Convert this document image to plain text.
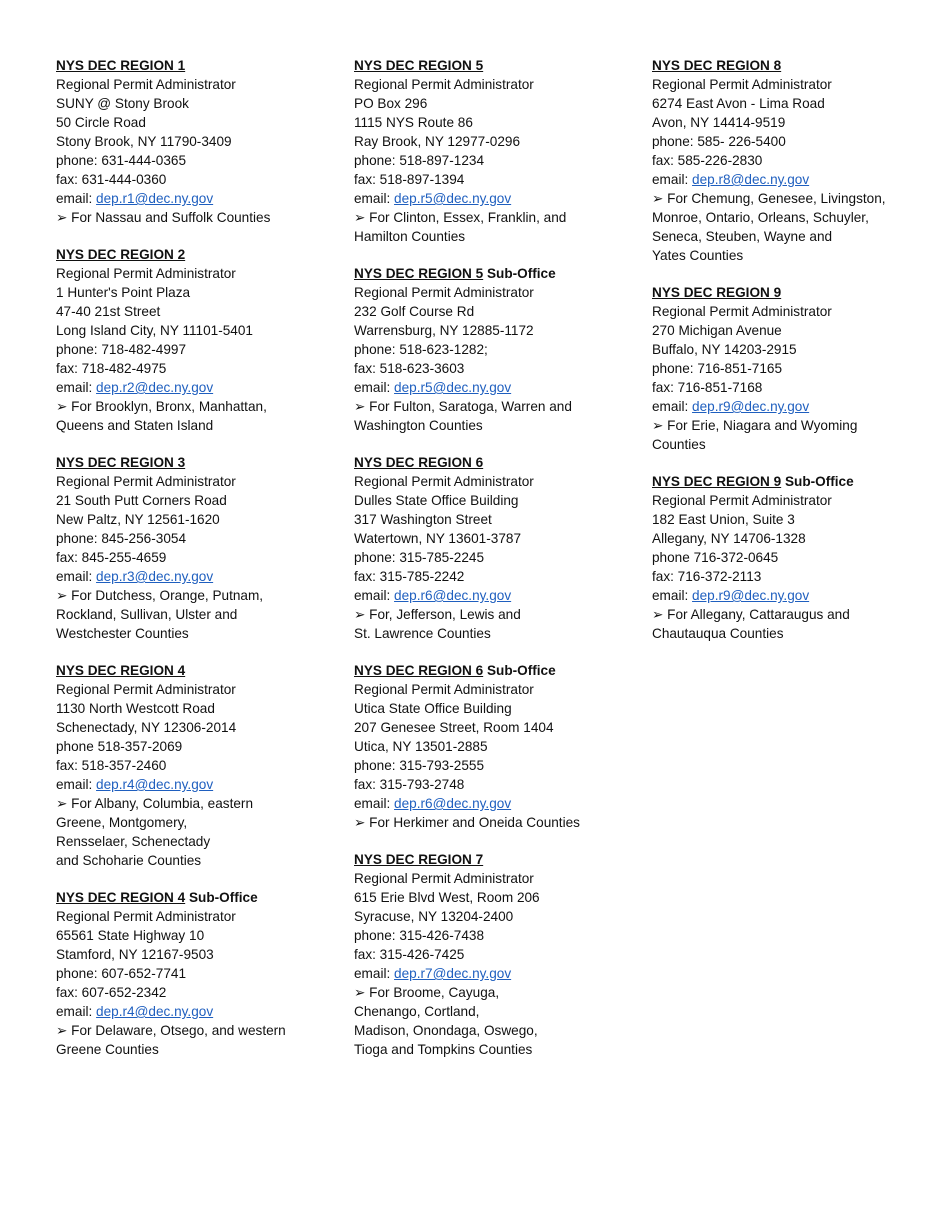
NYS DEC REGION 1
Regional Permit Administrator
SUNY @ Stony Brook
50 Circle Road
Stony Brook, NY 11790-3409
phone: 631-444-0365
fax: 631-444-0360
email: dep.r1@dec.ny.gov
➢ For Nassau and Suffolk Counties
NYS DEC REGION 2
Regional Permit Administrator
1 Hunter's Point Plaza
47-40 21st Street
Long Island City, NY 11101-5401
phone: 718-482-4997
fax: 718-482-4975
email: dep.r2@dec.ny.gov
➢ For Brooklyn, Bronx, Manhattan,
Queens and Staten Island
NYS DEC REGION 3
Regional Permit Administrator
21 South Putt Corners Road
New Paltz, NY 12561-1620
phone: 845-256-3054
fax: 845-255-4659
email: dep.r3@dec.ny.gov
➢ For Dutchess, Orange, Putnam,
Rockland, Sullivan, Ulster and
Westchester Counties
NYS DEC REGION 4
Regional Permit Administrator
1130 North Westcott Road
Schenectady, NY 12306-2014
phone 518-357-2069
fax: 518-357-2460
email: dep.r4@dec.ny.gov
➢ For Albany, Columbia, eastern
Greene, Montgomery,
Rensselaer, Schenectady
and Schoharie Counties
NYS DEC REGION 4 Sub-Office
Regional Permit Administrator
65561 State Highway 10
Stamford, NY 12167-9503
phone: 607-652-7741
fax: 607-652-2342
email: dep.r4@dec.ny.gov
➢ For Delaware, Otsego, and western
Greene Counties
NYS DEC REGION 5
Regional Permit Administrator
PO Box 296
1115 NYS Route 86
Ray Brook, NY 12977-0296
phone: 518-897-1234
fax: 518-897-1394
email: dep.r5@dec.ny.gov
➢ For Clinton, Essex, Franklin, and
Hamilton Counties
NYS DEC REGION 5 Sub-Office
Regional Permit Administrator
232 Golf Course Rd
Warrensburg, NY 12885-1172
phone: 518-623-1282;
fax: 518-623-3603
email: dep.r5@dec.ny.gov
➢ For Fulton, Saratoga, Warren and
Washington Counties
NYS DEC REGION 6
Regional Permit Administrator
Dulles State Office Building
317 Washington Street
Watertown, NY 13601-3787
phone: 315-785-2245
fax: 315-785-2242
email: dep.r6@dec.ny.gov
➢ For, Jefferson, Lewis and
St. Lawrence Counties
NYS DEC REGION 6 Sub-Office
Regional Permit Administrator
Utica State Office Building
207 Genesee Street, Room 1404
Utica, NY 13501-2885
phone: 315-793-2555
fax: 315-793-2748
email: dep.r6@dec.ny.gov
➢ For Herkimer and Oneida Counties
NYS DEC REGION 7
Regional Permit Administrator
615 Erie Blvd West, Room 206
Syracuse, NY 13204-2400
phone: 315-426-7438
fax: 315-426-7425
email: dep.r7@dec.ny.gov
➢ For Broome, Cayuga,
Chenango, Cortland,
Madison, Onondaga, Oswego,
Tioga and Tompkins Counties
NYS DEC REGION 8
Regional Permit Administrator
6274 East Avon - Lima Road
Avon, NY 14414-9519
phone: 585- 226-5400
fax: 585-226-2830
email: dep.r8@dec.ny.gov
➢ For Chemung, Genesee, Livingston,
Monroe, Ontario, Orleans, Schuyler,
Seneca, Steuben, Wayne and
Yates Counties
NYS DEC REGION 9
Regional Permit Administrator
270 Michigan Avenue
Buffalo, NY 14203-2915
phone: 716-851-7165
fax: 716-851-7168
email: dep.r9@dec.ny.gov
➢ For Erie, Niagara and Wyoming
Counties
NYS DEC REGION 9 Sub-Office
Regional Permit Administrator
182 East Union, Suite 3
Allegany, NY 14706-1328
phone 716-372-0645
fax: 716-372-2113
email: dep.r9@dec.ny.gov
➢ For Allegany, Cattaraugus and
Chautauqua Counties
